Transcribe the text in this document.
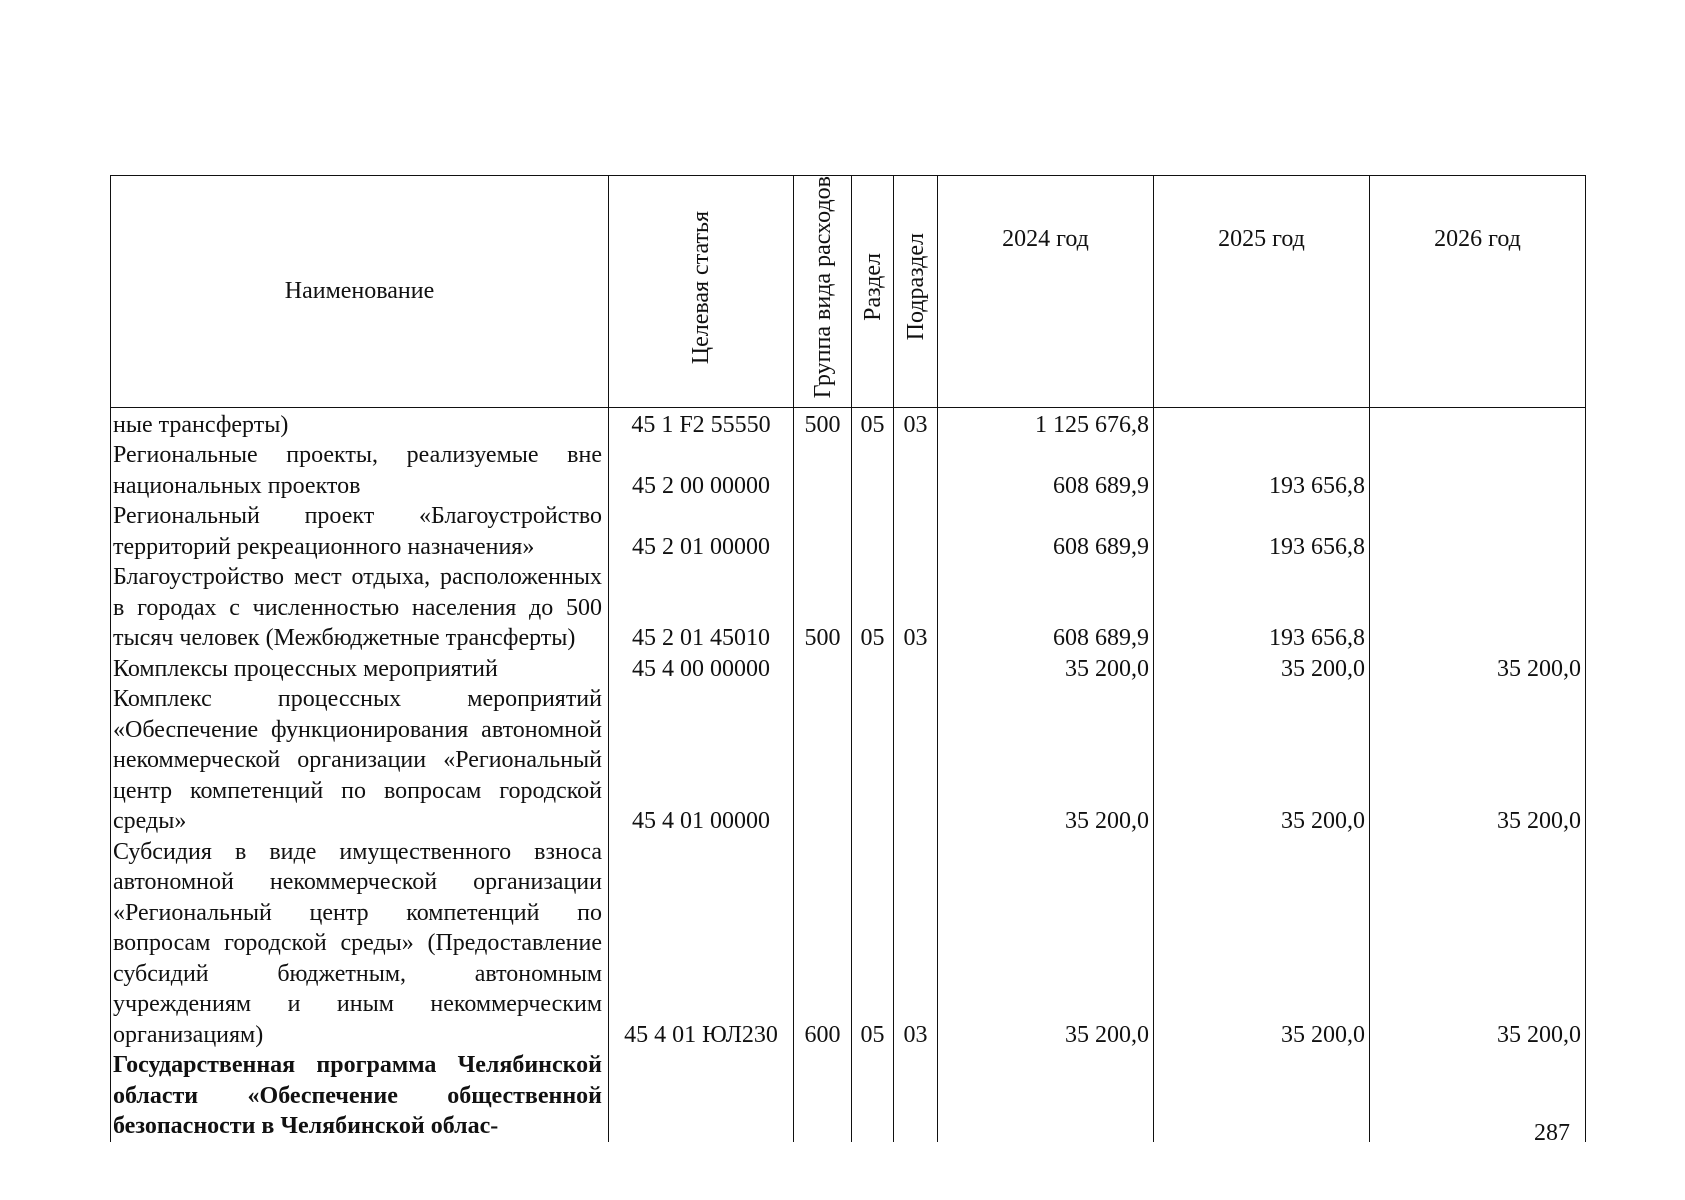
Наименование	Целевая статья	Группа вида расходов	Раздел	Подраздел	2024 год	2025 год	2026 год
ные трансферты)	45 1 F2 55550	500	05	03	1 125 676,8		
Региональные проекты, реализуемые вне национальных проектов	45 2 00 00000				608 689,9	193 656,8	
Региональный проект «Благоустройство территорий рекреационного назначения»	45 2 01 00000				608 689,9	193 656,8	
Благоустройство мест отдыха, расположенных в городах с численностью населения до 500 тысяч человек (Межбюджетные трансферты)	45 2 01 45010	500	05	03	608 689,9	193 656,8	
Комплексы процессных мероприятий	45 4 00 00000				35 200,0	35 200,0	35 200,0
Комплекс процессных мероприятий «Обеспечение функционирования автономной некоммерческой организации «Региональный центр компетенций по вопросам городской среды»	45 4 01 00000				35 200,0	35 200,0	35 200,0
Субсидия в виде имущественного взноса автономной некоммерческой организации «Региональный центр компетенций по вопросам городской среды» (Предоставление субсидий бюджетным, автономным учреждениям и иным некоммерческим организациям)	45 4 01 ЮЛ230	600	05	03	35 200,0	35 200,0	35 200,0
Государственная программа Челябинской области «Обеспечение общественной безопасности в Челябинской облас-								287
